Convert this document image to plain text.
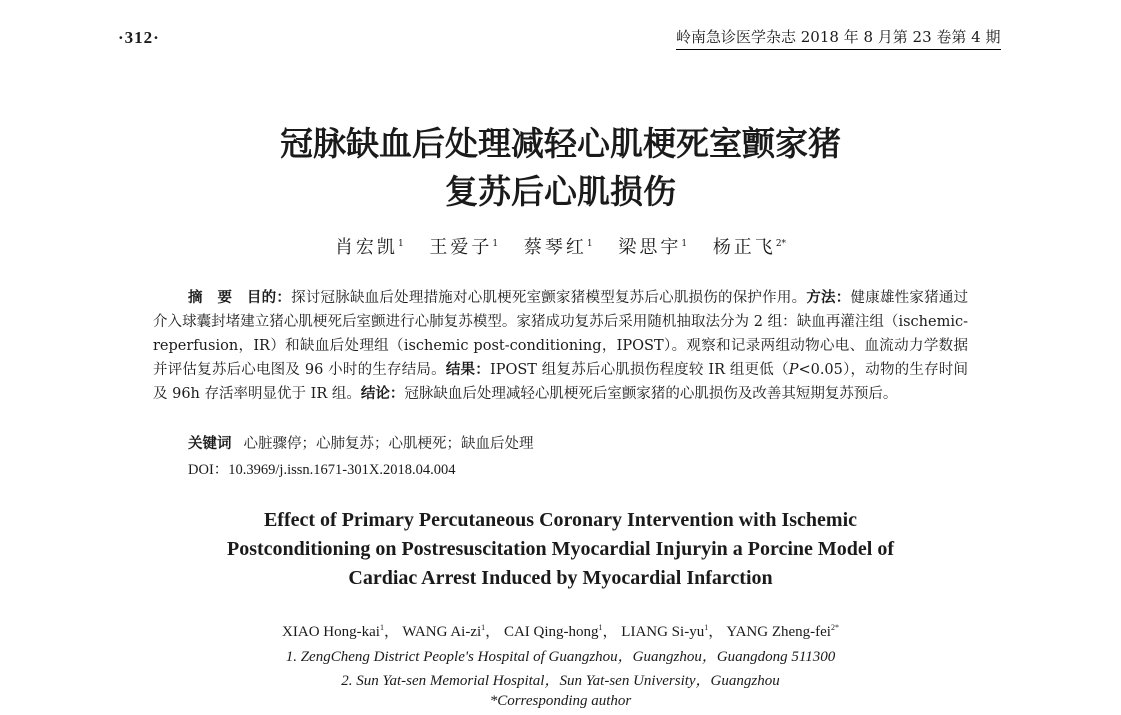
·312·	岭南急诊医学杂志 2018 年 8 月第 23 卷第 4 期
冠脉缺血后处理减轻心肌梗死室颤家猪
复苏后心肌损伤
肖宏凯$^1$ 王爱子$^1$ 蔡琴红$^1$ 梁思宇$^1$ 杨正飞$^{2*}$
摘　要　 目的：探讨冠脉缺血后处理措施对心肌梗死室颤家猪模型复苏后心肌损伤的保护作用。方法：健康雄性家猪通过介入球囊封堵建立猪心肌梗死后室颤进行心肺复苏模型。家猪成功复苏后采用随机抽取法分为 2 组：缺血再灌注组（ischemic-reperfusion，IR）和缺血后处理组（ischemic post-conditioning，IPOST）。观察和记录两组动物心电、血流动力学数据并评估复苏后心电图及 96 小时的生存结局。结果：IPOST 组复苏后心肌损伤程度较 IR 组更低（P<0.05），动物的生存时间及 96h 存活率明显优于 IR 组。结论：冠脉缺血后处理减轻心肌梗死后室颤家猪的心肌损伤及改善其短期复苏预后。
关键词 心脏骤停；心肺复苏；心肌梗死；缺血后处理
DOI：10.3969/j.issn.1671-301X.2018.04.004
Effect of Primary Percutaneous Coronary Intervention with Ischemic
Postconditioning on Postresuscitation Myocardial Injuryin a Porcine Model of
Cardiac Arrest Induced by Myocardial Infarction
XIAO Hong-kai$^1$， WANG $Ai-zi^1$， CAI Qing-hong$^1$， LIANG $Si-yu^1$， YANG Zheng-fei$^{2*}$
1. ZengCheng District People's Hospital of Guangzhou，Guangzhou，Guangdong 511300
2. Sun Yat-sen Memorial Hospital，Sun Yat-sen University，Guangzhou
*Corresponding author
